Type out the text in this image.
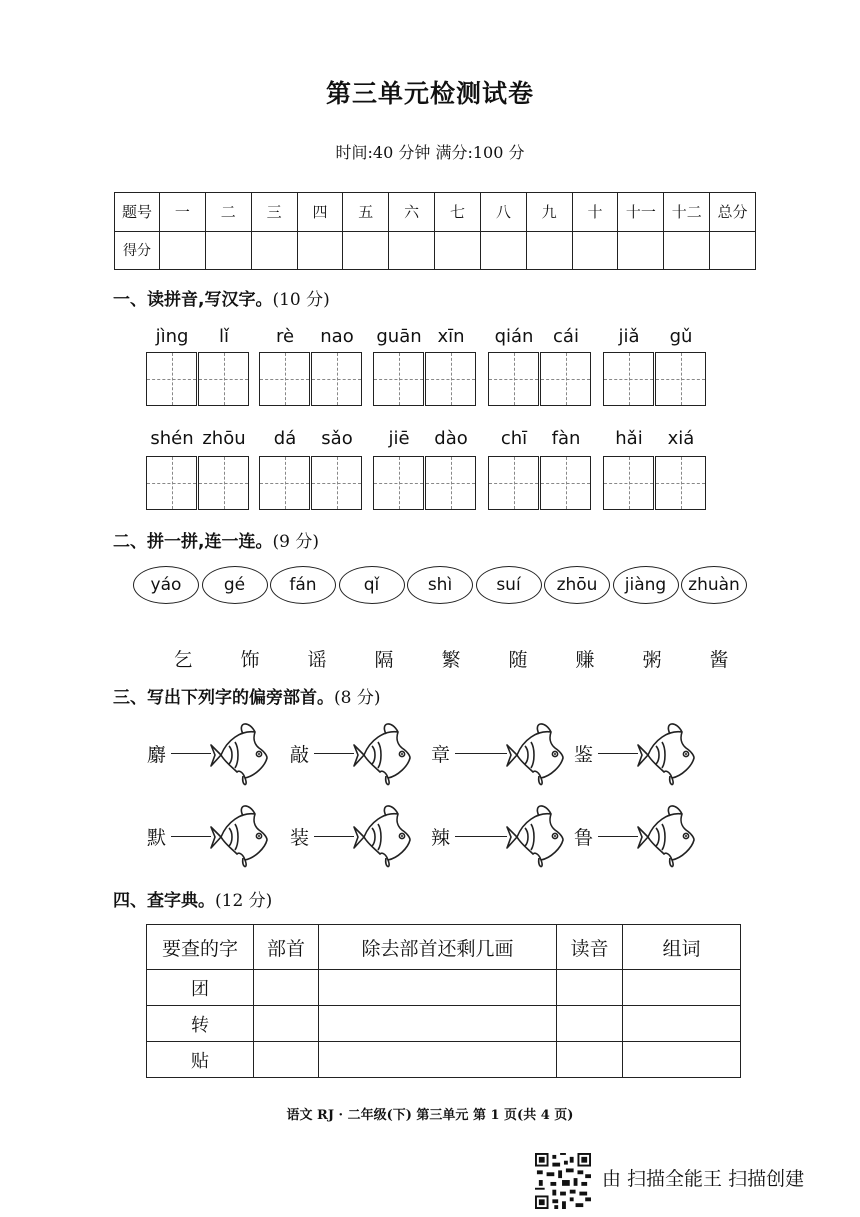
第三单元检测试卷
时间:40 分钟 满分:100 分
题号	一	二	三	四	五	六	七	八	九	十	十一	十二	总分
得分													
一、读拼音,写汉字。(10 分)
jìng	lǐ	rè	nao	guān xīn	qián	cái	jiǎ	gǔ
shén zhōu	dá	sǎo	jiē	dào	chī	fàn	hǎi	xiá
二、拼一拼,连一连。(9 分)
yáo	gé	fán	qǐ	shì	suí	zhōu	jiàng	zhuàn
乞	饰	谣	隔	繁	随	赚	粥	酱
三、写出下列字的偏旁部首。(8 分)
麝	敲	章	鉴
默	装	辣	鲁
四、查字典。(12 分)
要查的字	部首	除去部首还剩几画	读音	组词
团				
转				
贴				
语文 RJ · 二年级(下) 第三单元 第 1 页(共 4 页)
由 扫描全能王 扫描创建
